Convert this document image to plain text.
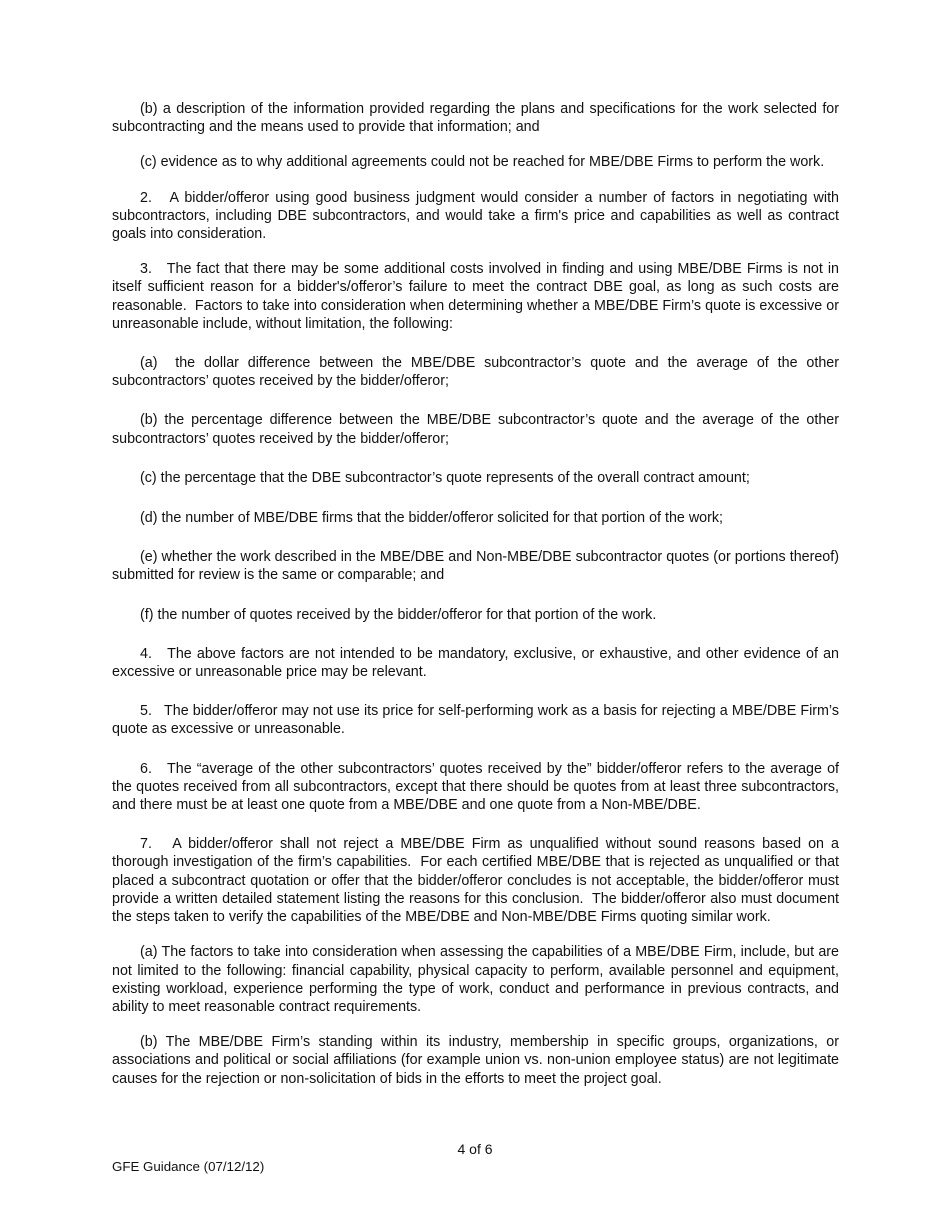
(b) a description of the information provided regarding the plans and specifications for the work selected for subcontracting and the means used to provide that information; and

(c) evidence as to why additional agreements could not be reached for MBE/DBE Firms to perform the work.

2.   A bidder/offeror using good business judgment would consider a number of factors in negotiating with subcontractors, including DBE subcontractors, and would take a firm's price and capabilities as well as contract goals into consideration.

3.   The fact that there may be some additional costs involved in finding and using MBE/DBE Firms is not in itself sufficient reason for a bidder's/offeror’s failure to meet the contract DBE goal, as long as such costs are reasonable.  Factors to take into consideration when determining whether a MBE/DBE Firm’s quote is excessive or unreasonable include, without limitation, the following:

(a)  the dollar difference between the MBE/DBE subcontractor’s quote and the average of the other subcontractors’ quotes received by the bidder/offeror;

(b) the percentage difference between the MBE/DBE subcontractor’s quote and the average of the other subcontractors’ quotes received by the bidder/offeror;

(c) the percentage that the DBE subcontractor’s quote represents of the overall contract amount;

(d) the number of MBE/DBE firms that the bidder/offeror solicited for that portion of the work;

(e) whether the work described in the MBE/DBE and Non-MBE/DBE subcontractor quotes (or portions thereof) submitted for review is the same or comparable; and

(f) the number of quotes received by the bidder/offeror for that portion of the work.

4.   The above factors are not intended to be mandatory, exclusive, or exhaustive, and other evidence of an excessive or unreasonable price may be relevant.

5.   The bidder/offeror may not use its price for self-performing work as a basis for rejecting a MBE/DBE Firm’s quote as excessive or unreasonable.

6.   The “average of the other subcontractors’ quotes received by the” bidder/offeror refers to the average of the quotes received from all subcontractors, except that there should be quotes from at least three subcontractors, and there must be at least one quote from a MBE/DBE and one quote from a Non-MBE/DBE.

7.   A bidder/offeror shall not reject a MBE/DBE Firm as unqualified without sound reasons based on a thorough investigation of the firm’s capabilities.  For each certified MBE/DBE that is rejected as unqualified or that placed a subcontract quotation or offer that the bidder/offeror concludes is not acceptable, the bidder/offeror must provide a written detailed statement listing the reasons for this conclusion.  The bidder/offeror also must document the steps taken to verify the capabilities of the MBE/DBE and Non-MBE/DBE Firms quoting similar work.

(a) The factors to take into consideration when assessing the capabilities of a MBE/DBE Firm, include, but are not limited to the following: financial capability, physical capacity to perform, available personnel and equipment, existing workload, experience performing the type of work, conduct and performance in previous contracts, and ability to meet reasonable contract requirements.

(b) The MBE/DBE Firm’s standing within its industry, membership in specific groups, organizations, or associations and political or social affiliations (for example union vs. non-union employee status) are not legitimate causes for the rejection or non-solicitation of bids in the efforts to meet the project goal.

4 of 6
GFE Guidance (07/12/12)
